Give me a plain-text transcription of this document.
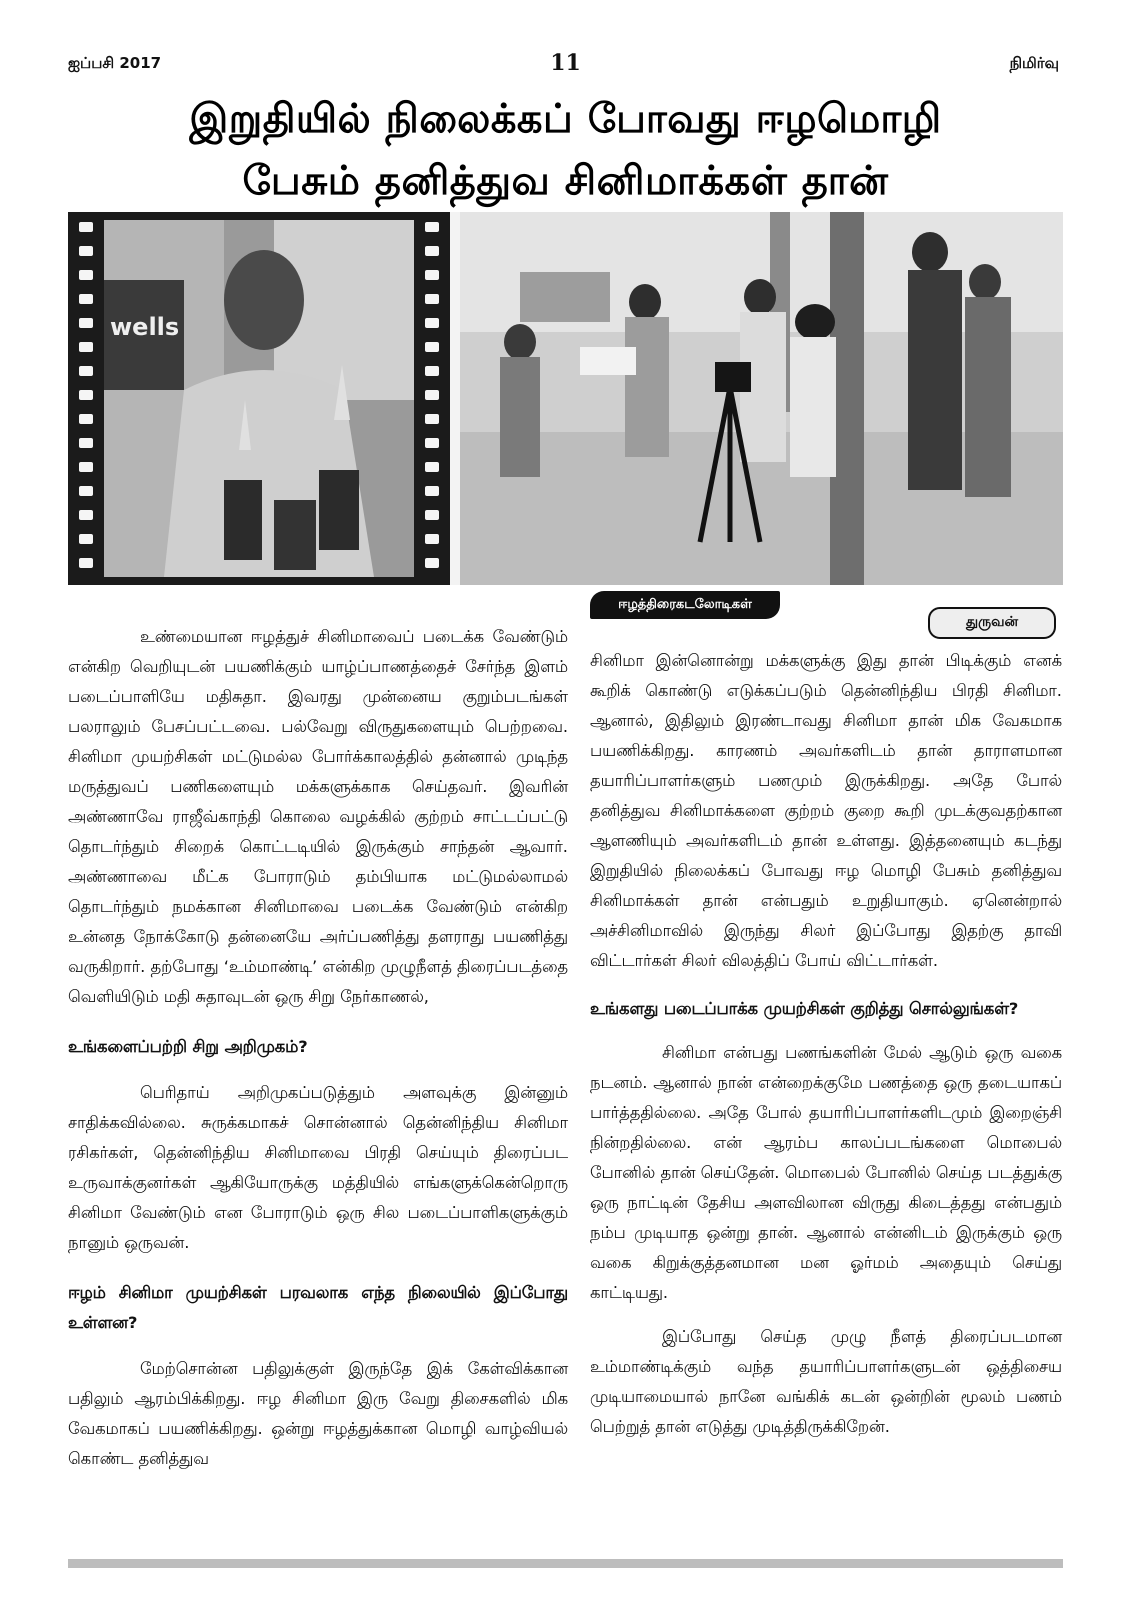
ஐப்பசி 2017	11	நிமிர்வு
இறுதியில் நிலைக்கப் போவது ஈழமொழி
பேசும் தனித்துவ சினிமாக்கள் தான்
wells
ஈழத்திரைகடலோடிகள்
துருவன்

உண்மையான ஈழத்துச் சினிமாவைப் படைக்க வேண்டும் என்கிற வெறியுடன் பயணிக்கும் யாழ்ப்பாணத்தைச் சேர்ந்த இளம் படைப்பாளியே மதிசுதா. இவரது முன்னைய குறும்படங்கள் பலராலும் பேசப்பட்டவை. பல்வேறு விருதுகளையும் பெற்றவை. சினிமா முயற்சிகள் மட்டுமல்ல போர்க்காலத்தில் தன்னால் முடிந்த மருத்துவப் பணிகளையும் மக்களுக்காக செய்தவர். இவரின் அண்ணாவே ராஜீவ்காந்தி கொலை வழக்கில் குற்றம் சாட்டப்பட்டு தொடர்ந்தும் சிறைக் கொட்டடியில் இருக்கும் சாந்தன் ஆவார். அண்ணாவை மீட்க போராடும் தம்பியாக மட்டுமல்லாமல் தொடர்ந்தும் நமக்கான சினிமாவை படைக்க வேண்டும் என்கிற உன்னத நோக்கோடு தன்னையே அர்ப்பணித்து தளராது பயணித்து வருகிறார். தற்போது ‘உம்மாண்டி’ என்கிற முழுநீளத் திரைப்படத்தை வெளியிடும் மதி சுதாவுடன் ஒரு சிறு நேர்காணல்,

உங்களைப்பற்றி சிறு அறிமுகம்?

பெரிதாய் அறிமுகப்படுத்தும் அளவுக்கு இன்னும் சாதிக்கவில்லை. சுருக்கமாகச் சொன்னால் தென்னிந்திய சினிமா ரசிகர்கள், தென்னிந்திய சினிமாவை பிரதி செய்யும் திரைப்பட உருவாக்குனர்கள் ஆகியோருக்கு மத்தியில் எங்களுக்கென்றொரு சினிமா வேண்டும் என போராடும் ஒரு சில படைப்பாளிகளுக்கும் நானும் ஒருவன்.

ஈழம் சினிமா முயற்சிகள் பரவலாக எந்த நிலையில் இப்போது உள்ளன?

மேற்சொன்ன பதிலுக்குள் இருந்தே இக் கேள்விக்கான பதிலும் ஆரம்பிக்கிறது. ஈழ சினிமா இரு வேறு திசைகளில் மிக வேகமாகப் பயணிக்கிறது. ஒன்று ஈழத்துக்கான மொழி வாழ்வியல் கொண்ட தனித்துவ

சினிமா இன்னொன்று மக்களுக்கு இது தான் பிடிக்கும் எனக் கூறிக் கொண்டு எடுக்கப்படும் தென்னிந்திய பிரதி சினிமா. ஆனால், இதிலும் இரண்டாவது சினிமா தான் மிக வேகமாக பயணிக்கிறது. காரணம் அவர்களிடம் தான் தாராளமான தயாரிப்பாளர்களும் பணமும் இருக்கிறது. அதே போல் தனித்துவ சினிமாக்களை குற்றம் குறை கூறி முடக்குவதற்கான ஆளணியும் அவர்களிடம் தான் உள்ளது. இத்தனையும் கடந்து இறுதியில் நிலைக்கப் போவது ஈழ மொழி பேசும் தனித்துவ சினிமாக்கள் தான் என்பதும் உறுதியாகும். ஏனென்றால் அச்சினிமாவில் இருந்து சிலர் இப்போது இதற்கு தாவி விட்டார்கள் சிலர் விலத்திப் போய் விட்டார்கள்.

உங்களது படைப்பாக்க முயற்சிகள் குறித்து சொல்லுங்கள்?

சினிமா என்பது பணங்களின் மேல் ஆடும் ஒரு வகை நடனம். ஆனால் நான் என்றைக்குமே பணத்தை ஒரு தடையாகப் பார்த்ததில்லை. அதே போல் தயாரிப்பாளர்களிடமும் இறைஞ்சி நின்றதில்லை. என் ஆரம்ப காலப்படங்களை மொபைல் போனில் தான் செய்தேன். மொபைல் போனில் செய்த படத்துக்கு ஒரு நாட்டின் தேசிய அளவிலான விருது கிடைத்தது என்பதும் நம்ப முடியாத ஒன்று தான். ஆனால் என்னிடம் இருக்கும் ஒரு வகை கிறுக்குத்தனமான மன ஓர்மம் அதையும் செய்து காட்டியது.

இப்போது செய்த முழு நீளத் திரைப்படமான உம்மாண்டிக்கும் வந்த தயாரிப்பாளர்களுடன் ஒத்திசைய முடியாமையால் நானே வங்கிக் கடன் ஒன்றின் மூலம் பணம் பெற்றுத் தான் எடுத்து முடித்திருக்கிறேன்.
